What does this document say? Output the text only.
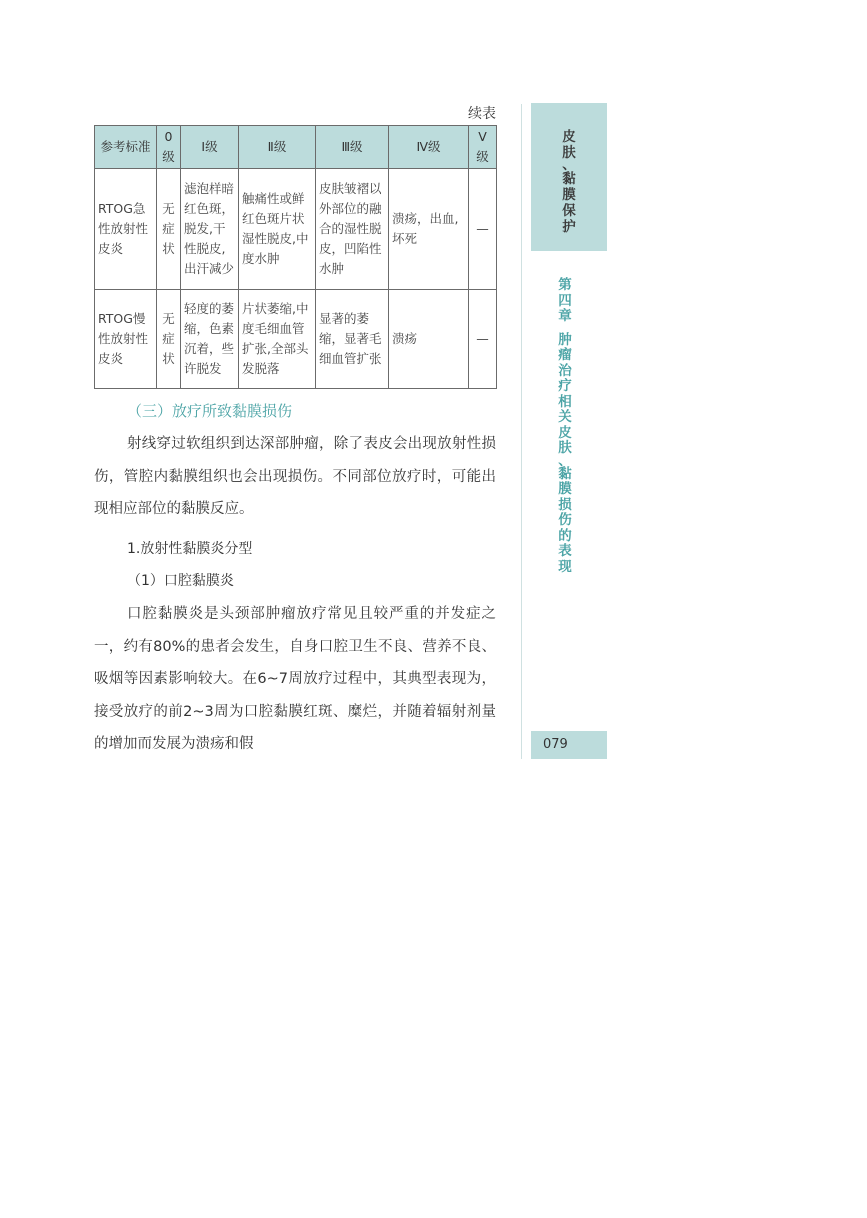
续表
参考标准	0级	Ⅰ级	Ⅱ级	Ⅲ级	Ⅳ级	Ⅴ级
RTOG急性放射性皮炎	无症状	滤泡样暗红色斑，脱发,干性脱皮,出汗减少	触痛性或鲜红色斑片状湿性脱皮,中度水肿	皮肤皱褶以外部位的融合的湿性脱皮，凹陷性水肿	溃疡，出血,坏死	—
RTOG慢性放射性皮炎	无症状	轻度的萎缩，色素沉着，些许脱发	片状萎缩,中度毛细血管扩张,全部头发脱落	显著的萎缩，显著毛细血管扩张	溃疡	—
（三）放疗所致黏膜损伤
射线穿过软组织到达深部肿瘤，除了表皮会出现放射性损伤，管腔内黏膜组织也会出现损伤。不同部位放疗时，可能出现相应部位的黏膜反应。
1.放射性黏膜炎分型
（1）口腔黏膜炎
口腔黏膜炎是头颈部肿瘤放疗常见且较严重的并发症之一，约有80%的患者会发生，自身口腔卫生不良、营养不良、吸烟等因素影响较大。在6~7周放疗过程中，其典型表现为，接受放疗的前2~3周为口腔黏膜红斑、糜烂，并随着辐射剂量的增加而发展为溃疡和假
皮
肤
、
黏
膜
保
护
第
四
章
肿
瘤
治
疗
相
关
皮
肤
、
黏
膜
损
伤
的
表
现
079
